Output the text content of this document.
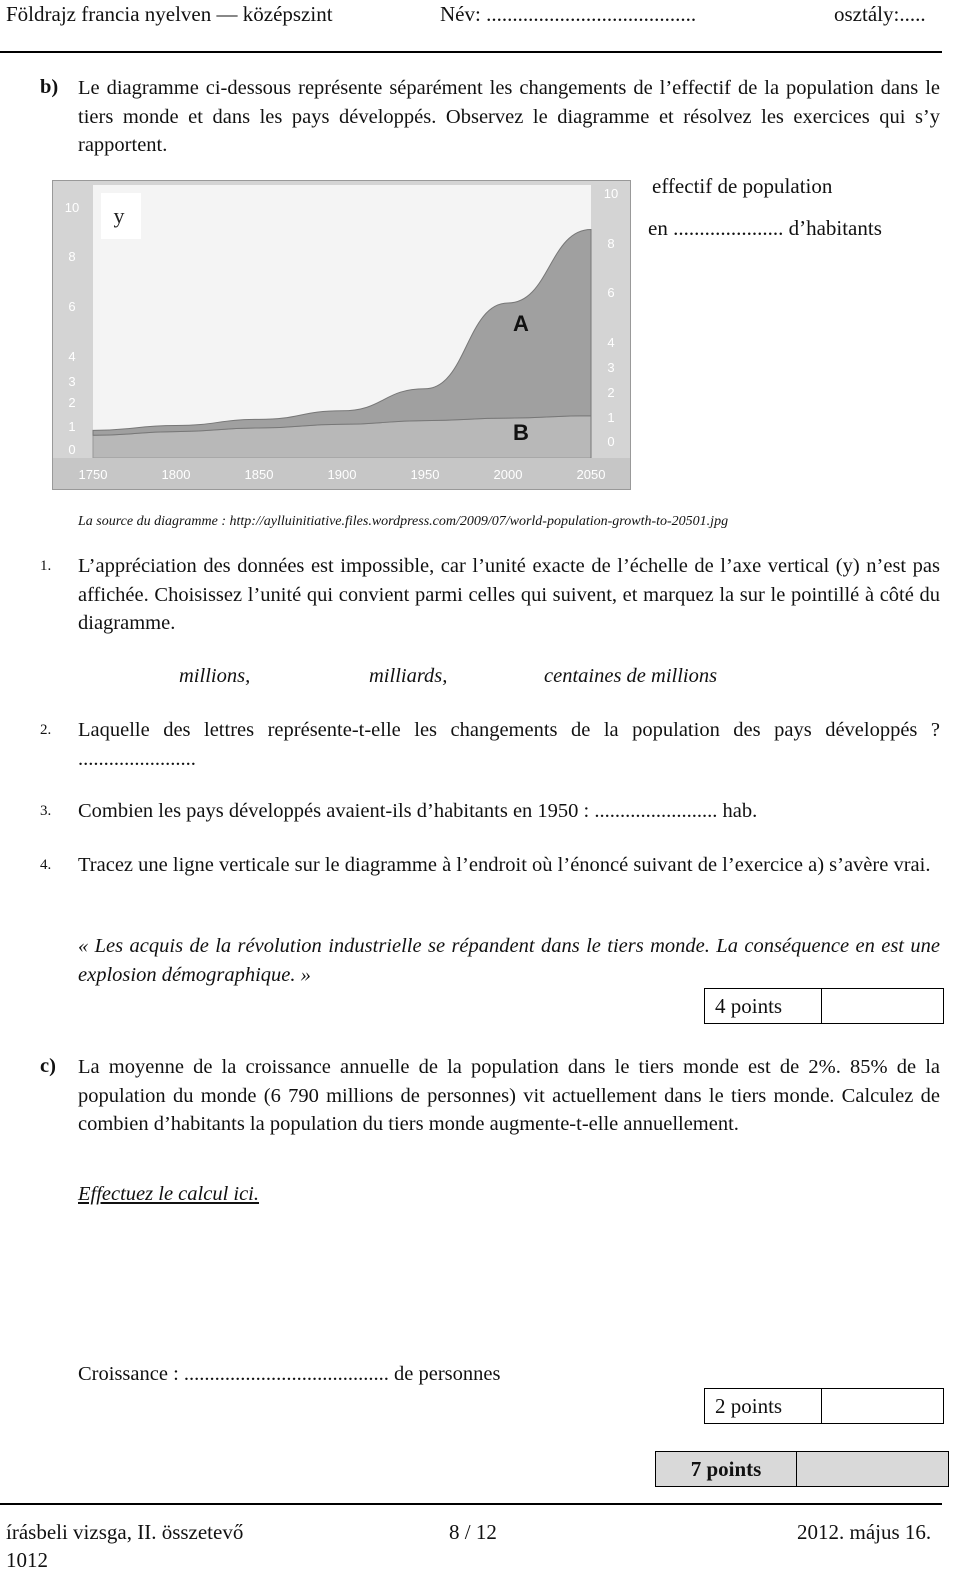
Földrajz francia nyelven — középszint	Név: ........................................	osztály:.....
b) Le diagramme ci-dessous représente séparément les changements de l’effectif de la population dans le tiers monde et dans les pays développés. Observez le diagramme et résolvez les exercices qui s’y rapportent.
1750	1800	1850	1900	1950	2000	2050
10
8
6
4
3
2
1
0
10
8
6
4
3
2
1
0
y
A
B
effectif de population
en ..................... d’habitants
La source du diagramme : http://aylluinitiative.files.wordpress.com/2009/07/world-population-growth-to-20501.jpg
1. L’appréciation des données est impossible, car l’unité exacte de l’échelle de l’axe vertical (y) n’est pas affichée. Choisissez l’unité qui convient parmi celles qui suivent, et marquez la sur le pointillé à côté du diagramme.
millions,	milliards,	centaines de millions
2. Laquelle des lettres représente-t-elle les changements de la population des pays développés ? .......................
3. Combien les pays développés avaient-ils d’habitants en 1950 : ........................ hab.
4. Tracez une ligne verticale sur le diagramme à l’endroit où l’énoncé suivant de l’exercice a) s’avère vrai.
« Les acquis de la révolution industrielle se répandent dans le tiers monde. La conséquence en est une explosion démographique. »
4 points
c) La moyenne de la croissance annuelle de la population dans le tiers monde est de 2%. 85% de la population du monde (6 790 millions de personnes) vit actuellement dans le tiers monde. Calculez de combien d’habitants la population du tiers monde augmente-t-elle annuellement.
Effectuez le calcul ici.
Croissance : ........................................ de personnes
2 points
7 points
írásbeli vizsga, II. összetevő
1012
8 / 12	2012. május 16.
